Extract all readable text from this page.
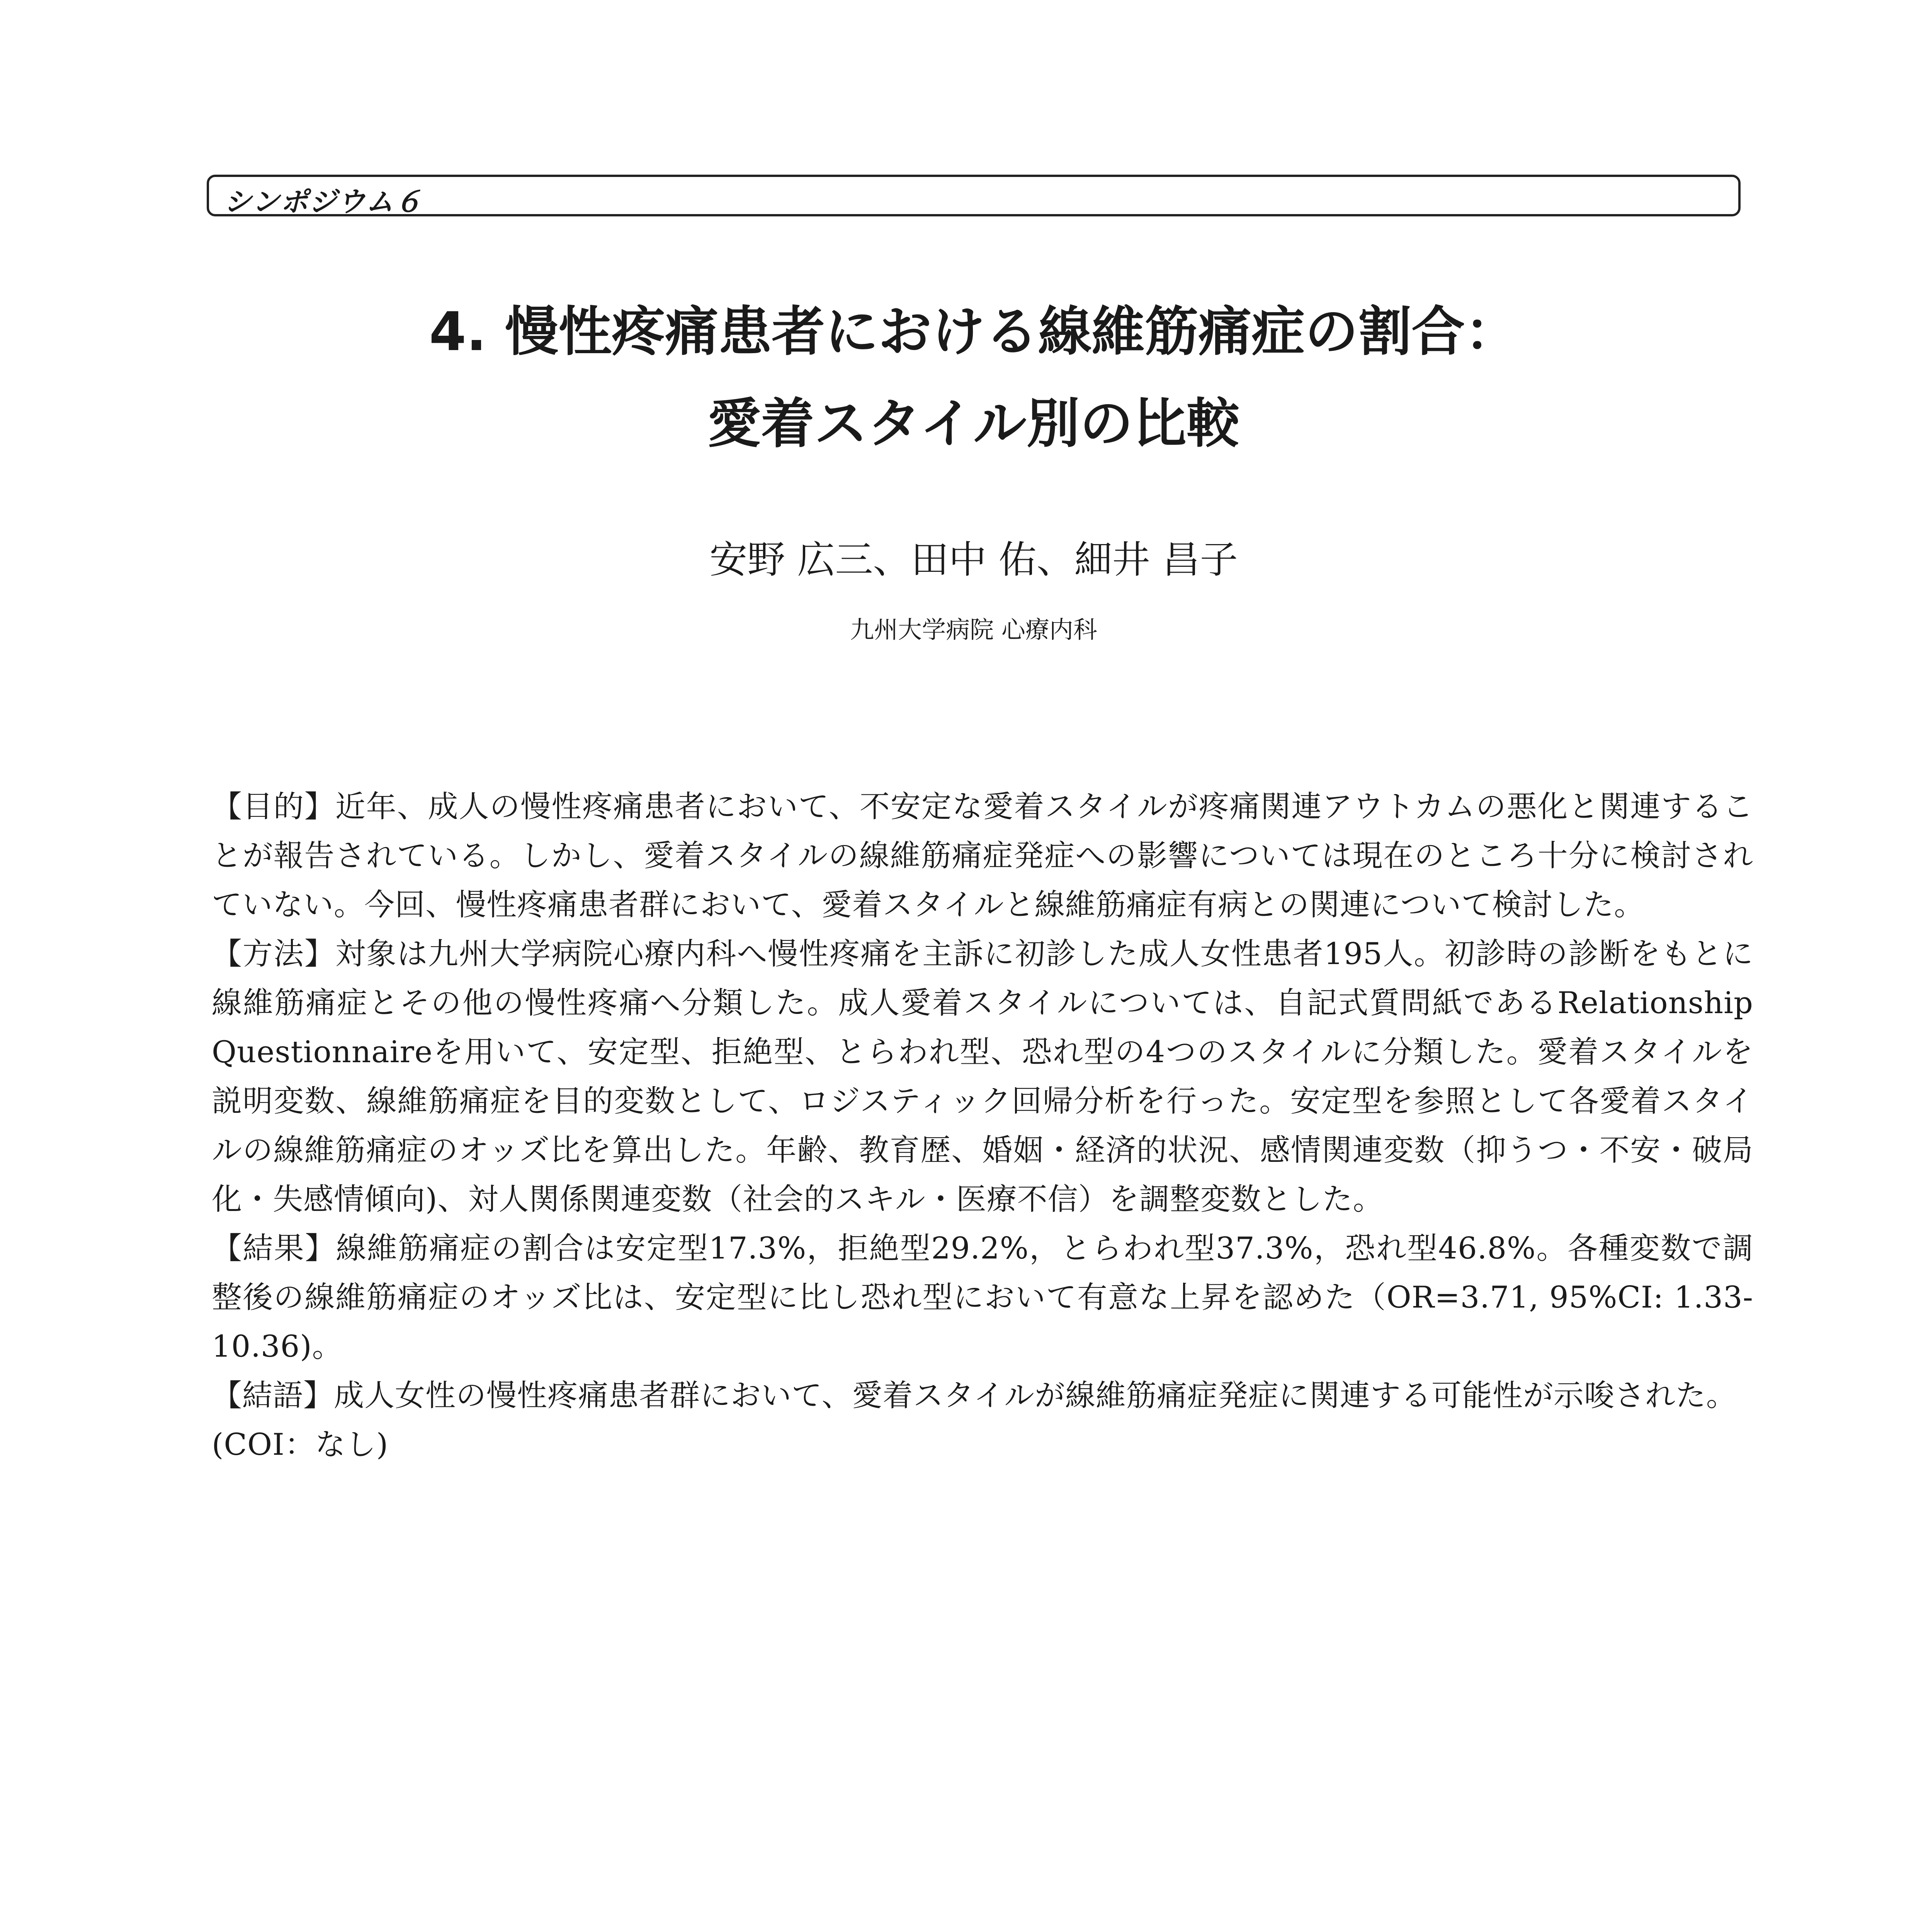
シンポジウム６
4. 慢性疼痛患者における線維筋痛症の割合：
愛着スタイル別の比較
安野 広三、田中 佑、細井 昌子
九州大学病院 心療内科

【目的】近年、成人の慢性疼痛患者において、不安定な愛着スタイルが疼痛関連アウトカムの悪化と関連することが報告されている。しかし、愛着スタイルの線維筋痛症発症への影響については現在のところ十分に検討されていない。今回、慢性疼痛患者群において、愛着スタイルと線維筋痛症有病との関連について検討した。

【方法】対象は九州大学病院心療内科へ慢性疼痛を主訴に初診した成人女性患者195人。初診時の診断をもとに線維筋痛症とその他の慢性疼痛へ分類した。成人愛着スタイルについては、自記式質問紙であるRelationship Questionnaireを用いて、安定型、拒絶型、とらわれ型、恐れ型の4つのスタイルに分類した。愛着スタイルを説明変数、線維筋痛症を目的変数として、ロジスティック回帰分析を行った。安定型を参照として各愛着スタイルの線維筋痛症のオッズ比を算出した。年齢、教育歴、婚姻・経済的状況、感情関連変数（抑うつ・不安・破局化・失感情傾向)、対人関係関連変数（社会的スキル・医療不信）を調整変数とした。

【結果】線維筋痛症の割合は安定型17.3%，拒絶型29.2%，とらわれ型37.3%，恐れ型46.8%。各種変数で調整後の線維筋痛症のオッズ比は、安定型に比し恐れ型において有意な上昇を認めた（OR=3.71, 95%CI: 1.33-10.36)。

【結語】成人女性の慢性疼痛患者群において、愛着スタイルが線維筋痛症発症に関連する可能性が示唆された。

(COI：なし)
